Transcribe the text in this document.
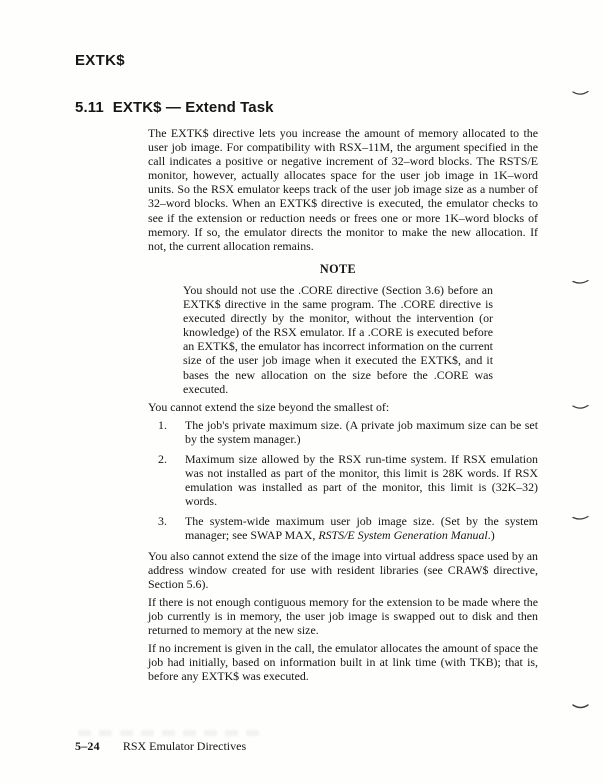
EXTK$
5.11 EXTK$ — Extend Task

The EXTK$ directive lets you increase the amount of memory allocated to the user job image. For compatibility with RSX–11M, the argument specified in the call indicates a positive or negative increment of 32–word blocks. The RSTS/E monitor, however, actually allocates space for the user job image in 1K–word units. So the RSX emulator keeps track of the user job image size as a number of 32–word blocks. When an EXTK$ directive is executed, the emulator checks to see if the extension or reduction needs or frees one or more 1K–word blocks of memory. If so, the emulator directs the monitor to make the new allocation. If not, the current allocation remains.

NOTE

You should not use the .CORE directive (Section 3.6) before an EXTK$ directive in the same program. The .CORE directive is executed directly by the monitor, without the intervention (or knowledge) of the RSX emulator. If a .CORE is executed before an EXTK$, the emulator has incorrect information on the current size of the user job image when it executed the EXTK$, and it bases the new allocation on the size before the .CORE was executed.

You cannot extend the size beyond the smallest of:

1.	The job's private maximum size. (A private job maximum size can be set by the system manager.)
2.	Maximum size allowed by the RSX run-time system. If RSX emulation was not installed as part of the monitor, this limit is 28K words. If RSX emulation was installed as part of the monitor, this limit is (32K–32) words.
3.	The system-wide maximum user job image size. (Set by the system manager; see SWAP MAX, RSTS/E System Generation Manual.)

You also cannot extend the size of the image into virtual address space used by an address window created for use with resident libraries (see CRAW$ directive, Section 5.6).

If there is not enough contiguous memory for the extension to be made where the job currently is in memory, the user job image is swapped out to disk and then returned to memory at the new size.

If no increment is given in the call, the emulator allocates the amount of space the job had initially, based on information built in at link time (with TKB); that is, before any EXTK$ was executed.

5–24 RSX Emulator Directives
